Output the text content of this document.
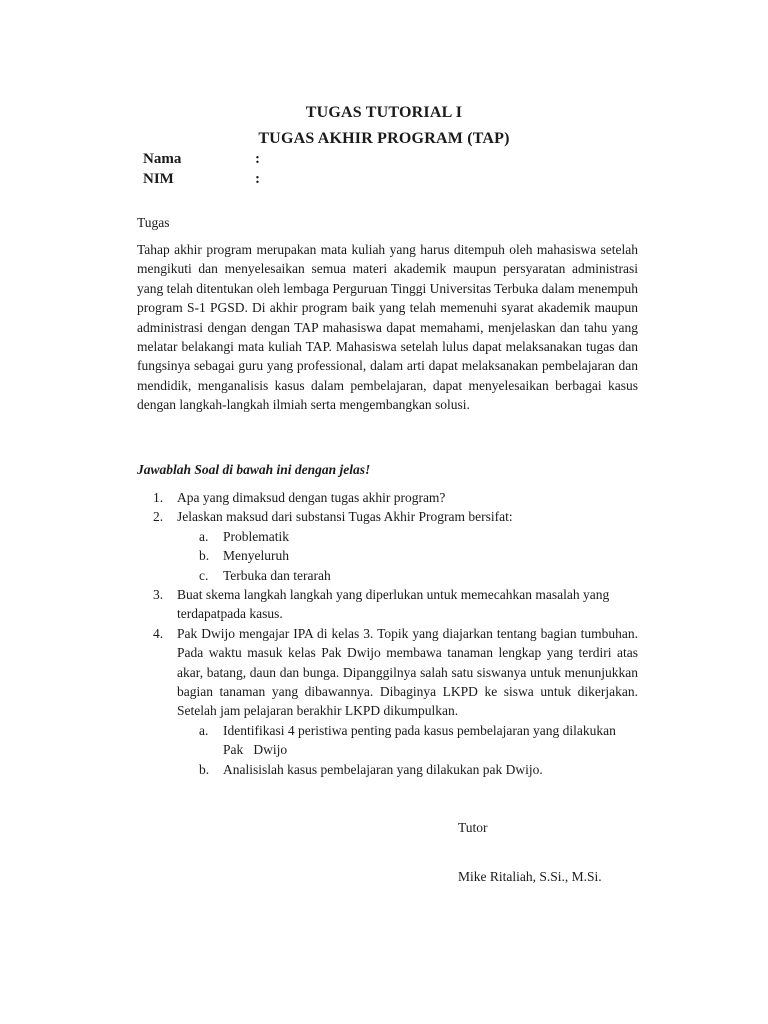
TUGAS TUTORIAL I
TUGAS AKHIR PROGRAM (TAP)
Nama	:
NIM	:
Tugas
Tahap akhir program merupakan mata kuliah yang harus ditempuh oleh mahasiswa setelah mengikuti dan menyelesaikan semua materi akademik maupun persyaratan administrasi yang telah ditentukan oleh lembaga Perguruan Tinggi Universitas Terbuka dalam menempuh program S-1 PGSD. Di akhir program baik yang telah memenuhi syarat akademik maupun administrasi dengan dengan TAP mahasiswa dapat memahami, menjelaskan dan tahu yang melatar belakangi mata kuliah TAP. Mahasiswa setelah lulus dapat melaksanakan tugas dan fungsinya sebagai guru yang professional, dalam arti dapat melaksanakan pembelajaran dan mendidik, menganalisis kasus dalam pembelajaran, dapat menyelesaikan berbagai kasus dengan langkah-langkah ilmiah serta mengembangkan solusi.
Jawablah Soal di bawah ini dengan jelas!
1.	Apa yang dimaksud dengan tugas akhir program?
2.	Jelaskan maksud dari substansi Tugas Akhir Program bersifat:
a.	Problematik
b.	Menyeluruh
c.	Terbuka dan terarah
3.	Buat skema langkah langkah yang diperlukan untuk memecahkan masalah yang terdapatpada kasus.
4.	Pak Dwijo mengajar IPA di kelas 3. Topik yang diajarkan tentang bagian tumbuhan. Pada waktu masuk kelas Pak Dwijo membawa tanaman lengkap yang terdiri atas akar, batang, daun dan bunga. Dipanggilnya salah satu siswanya untuk menunjukkan bagian tanaman yang dibawannya. Dibaginya LKPD ke siswa untuk dikerjakan. Setelah jam pelajaran berakhir LKPD dikumpulkan.
a.	Identifikasi 4 peristiwa penting pada kasus pembelajaran yang dilakukan Pak   Dwijo
b.	Analisislah kasus pembelajaran yang dilakukan pak Dwijo.
Tutor
Mike Ritaliah, S.Si., M.Si.
